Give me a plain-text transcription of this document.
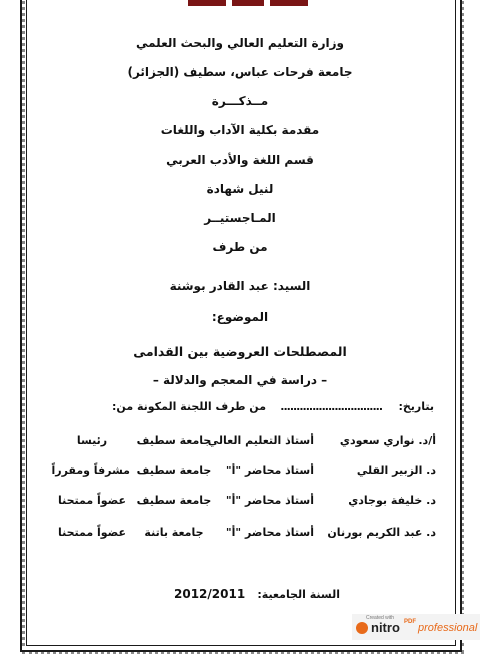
وزارة التعليم العالي والبحث العلمي
جامعة فرحات عباس، سطيف (الجزائر)
مــذكـــرة
مقدمة بكلية الآداب واللغات
قسم اللغة والأدب العربي
لنيل شهادة
المـاجستيــر
من طرف
السيد: عبد القادر بوشنة
الموضوع:
المصطلحات العروضية بين القدامى
– دراسة في المعجم والدلالة –
بتاريخ:
................................
من طرف اللجنة المكونة من:
أ/د. نواري سعودي
أستاذ التعليم العالي
جامعة سطيف
رئيسا
د. الزبير القلي
أستاذ محاضر "أ"
جامعة سطيف
مشرفاً ومقرراً
د. خليفة بوجادي
أستاذ محاضر "أ"
جامعة سطيف
عضواً ممتحنا
د. عبد الكريم بورنان
أستاذ محاضر "أ"
جامعة باتنة
عضواً ممتحنا
السنة الجامعية: 2012/2011
Created with
nitro PDF professional
